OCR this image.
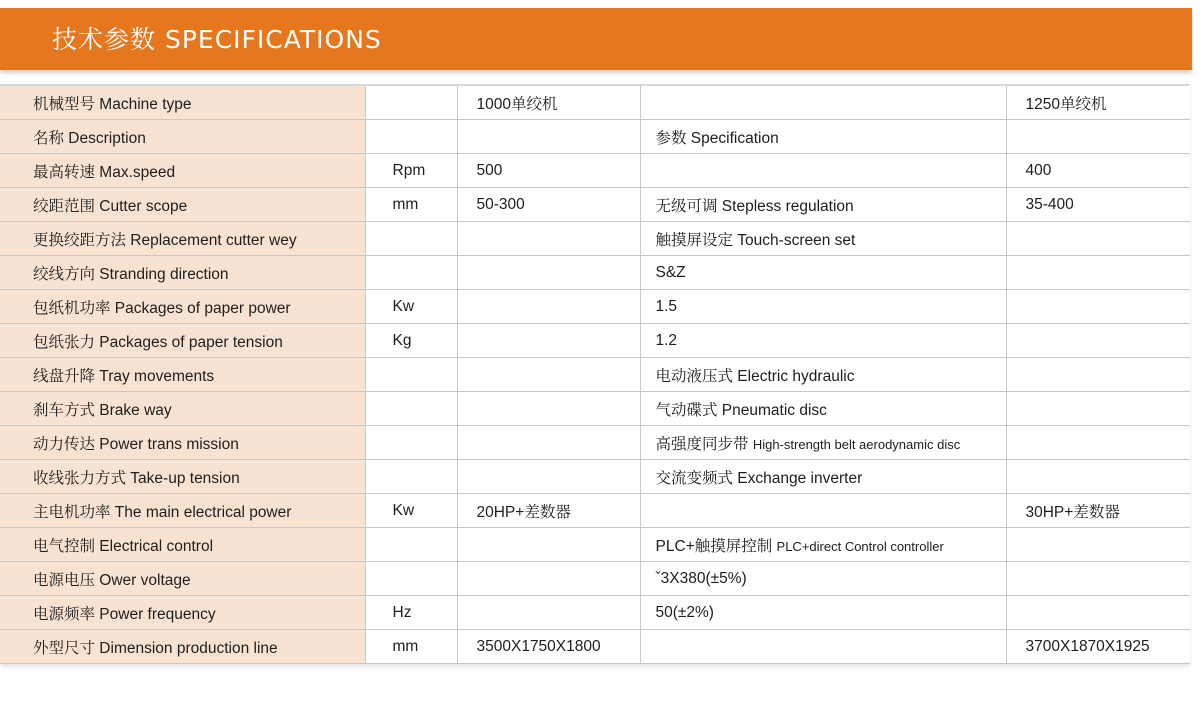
技术参数 SPECIFICATIONS
机械型号 Machine type		1000单绞机		1250单绞机
名称 Description			参数 Specification	
最高转速 Max.speed	Rpm	500		400
绞距范围 Cutter scope	mm	50-300	无级可调 Stepless regulation	35-400
更换绞距方法 Replacement cutter wey			触摸屏设定 Touch-screen set	
绞线方向 Stranding direction			S&Z	
包纸机功率 Packages of paper power	Kw		1.5	
包纸张力 Packages of paper tension	Kg		1.2	
线盘升降 Tray movements			电动液压式 Electric hydraulic	
刹车方式 Brake way			气动碟式 Pneumatic disc	
动力传达 Power trans mission			高强度同步带 High-strength belt aerodynamic disc	
收线张力方式 Take-up tension			交流变频式 Exchange inverter	
主电机功率 The main electrical power	Kw	20HP+差数器		30HP+差数器
电气控制 Electrical control			PLC+触摸屏控制 PLC+direct Control controller	
电源电压 Ower voltage			ˇ3X380(±5%)	
电源频率 Power frequency	Hz		50(±2%)	
外型尺寸 Dimension production line	mm	3500X1750X1800		3700X1870X1925
